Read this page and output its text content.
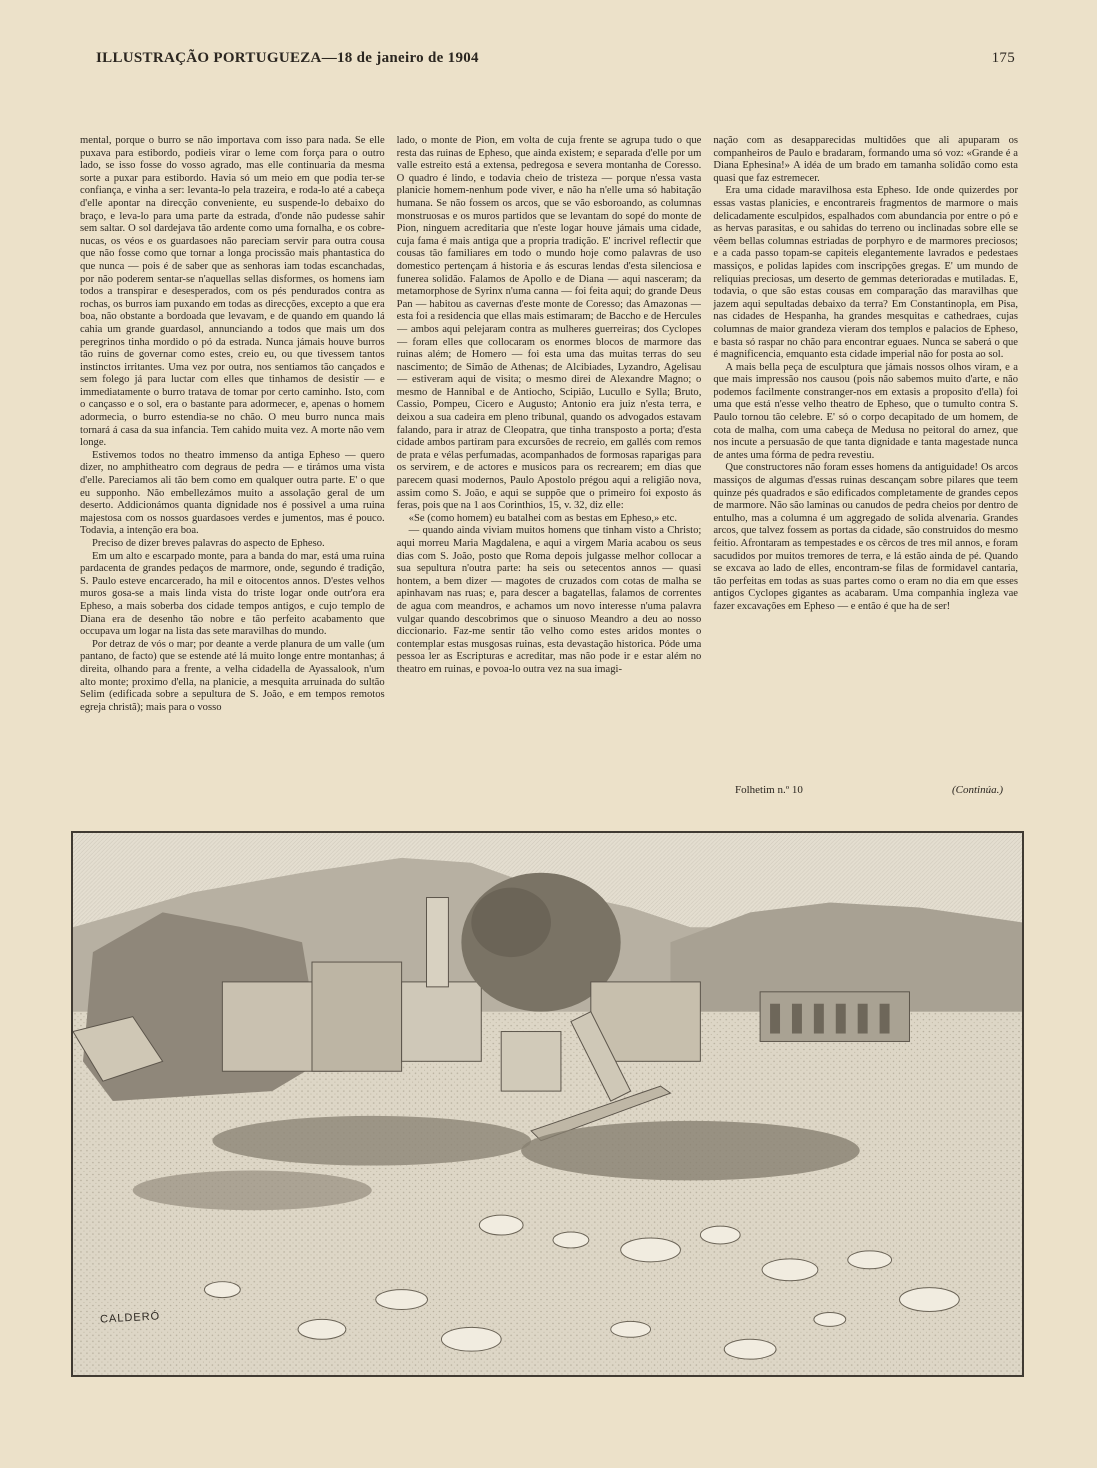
ILLUSTRAÇÃO PORTUGUEZA—18 de janeiro de 1904	175

mental, porque o burro se não importava com isso para nada. Se elle puxava para estibordo, podieis virar o leme com força para o outro lado, se isso fosse do vosso agrado, mas elle continuaria da mesma sorte a puxar para estibordo. Havia só um meio em que podia ter-se confiança, e vinha a ser: levanta-lo pela trazeira, e roda-lo até a cabeça d'elle apontar na direcção conveniente, eu suspende-lo debaixo do braço, e leva-lo para uma parte da estrada, d'onde não pudesse sahir sem saltar. O sol dardejava tão ardente como uma fornalha, e os cobre-nucas, os véos e os guardasoes não pareciam servir para outra cousa que não fosse como que tornar a longa procissão mais phantastica do que nunca — pois é de saber que as senhoras iam todas escanchadas, por não poderem sentar-se n'aquellas sellas disformes, os homens iam todos a transpirar e desesperados, com os pés pendurados contra as rochas, os burros iam puxando em todas as direcções, excepto a que era boa, não obstante a bordoada que levavam, e de quando em quando lá cahia um grande guardasol, annunciando a todos que mais um dos peregrinos tinha mordido o pó da estrada. Nunca jámais houve burros tão ruins de governar como estes, creio eu, ou que tivessem tantos instinctos irritantes. Uma vez por outra, nos sentiamos tão cançados e sem folego já para luctar com elles que tinhamos de desistir — e immediatamente o burro tratava de tomar por certo caminho. Isto, com o cançasso e o sol, era o bastante para adormecer, e, apenas o homem adormecia, o burro estendia-se no chão. O meu burro nunca mais tornará á casa da sua infancia. Tem cahido muita vez. A morte não vem longe.

Estivemos todos no theatro immenso da antiga Epheso — quero dizer, no amphitheatro com degraus de pedra — e tirámos uma vista d'elle. Pareciamos ali tão bem como em qualquer outra parte. E' o que eu supponho. Não embellezámos muito a assolação geral de um deserto. Addicionámos quanta dignidade nos é possivel a uma ruina majestosa com os nossos guardasoes verdes e jumentos, mas é pouco. Todavia, a intenção era boa.

Preciso de dizer breves palavras do aspecto de Epheso.

Em um alto e escarpado monte, para a banda do mar, está uma ruina pardacenta de grandes pedaços de marmore, onde, segundo é tradição, S. Paulo esteve encarcerado, ha mil e oitocentos annos. D'estes velhos muros gosa-se a mais linda vista do triste logar onde outr'ora era Epheso, a mais soberba dos cidade tempos antigos, e cujo templo de Diana era de desenho tão nobre e tão perfeito acabamento que occupava um logar na lista das sete maravilhas do mundo.

Por detraz de vós o mar; por deante a verde planura de um valle (um pantano, de facto) que se estende até lá muito longe entre montanhas; á direita, olhando para a frente, a velha cidadella de Ayassalook, n'um alto monte; proximo d'ella, na planicie, a mesquita arruinada do sultão Selim (edificada sobre a sepultura de S. João, e em tempos remotos egreja christã); mais para o vosso

lado, o monte de Pion, em volta de cuja frente se agrupa tudo o que resta das ruinas de Epheso, que ainda existem; e separada d'elle por um valle estreito está a extensa, pedregosa e severa montanha de Coresso. O quadro é lindo, e todavia cheio de tristeza — porque n'essa vasta planicie homem-nenhum pode viver, e não ha n'elle uma só habitação humana. Se não fossem os arcos, que se vão esboroando, as columnas monstruosas e os muros partidos que se levantam do sopé do monte de Pion, ninguem acreditaria que n'este logar houve jámais uma cidade, cuja fama é mais antiga que a propria tradição. E' incrivel reflectir que cousas tão familiares em todo o mundo hoje como palavras de uso domestico pertençam á historia e ás escuras lendas d'esta silenciosa e funerea solidão. Falamos de Apollo e de Diana — aqui nasceram; da metamorphose de Syrinx n'uma canna — foi feita aqui; do grande Deus Pan — habitou as cavernas d'este monte de Coresso; das Amazonas — esta foi a residencia que ellas mais estimaram; de Baccho e de Hercules — ambos aqui pelejaram contra as mulheres guerreiras; dos Cyclopes — foram elles que collocaram os enormes blocos de marmore das ruinas além; de Homero — foi esta uma das muitas terras do seu nascimento; de Simão de Athenas; de Alcibiades, Lyzandro, Agelisau — estiveram aqui de visita; o mesmo direi de Alexandre Magno; o mesmo de Hannibal e de Antiocho, Scipião, Lucullo e Sylla; Bruto, Cassio, Pompeu, Cicero e Augusto; Antonio era juiz n'esta terra, e deixou a sua cadeira em pleno tribunal, quando os advogados estavam falando, para ir atraz de Cleopatra, que tinha transposto a porta; d'esta cidade ambos partiram para excursões de recreio, em gallés com remos de prata e vélas perfumadas, acompanhados de formosas raparigas para os servirem, e de actores e musicos para os recrearem; em dias que parecem quasi modernos, Paulo Apostolo prégou aqui a religião nova, assim como S. João, e aqui se suppõe que o primeiro foi exposto ás feras, pois que na 1 aos Corinthios, 15, v. 32, diz elle:

«Se (como homem) eu batalhei com as bestas em Epheso,» etc.

— quando ainda viviam muitos homens que tinham visto a Christo; aqui morreu Maria Magdalena, e aqui a virgem Maria acabou os seus dias com S. João, posto que Roma depois julgasse melhor collocar a sua sepultura n'outra parte: ha seis ou setecentos annos — quasi hontem, a bem dizer — magotes de cruzados com cotas de malha se apinhavam nas ruas; e, para descer a bagatellas, falamos de correntes de agua com meandros, e achamos um novo interesse n'uma palavra vulgar quando descobrimos que o sinuoso Meandro a deu ao nosso diccionario. Faz-me sentir tão velho como estes aridos montes o contemplar estas musgosas ruinas, esta devastação historica. Póde uma pessoa ler as Escripturas e acreditar, mas não pode ir e estar além no theatro em ruinas, e povoa-lo outra vez na sua imagi-

nação com as desapparecidas multidões que ali apuparam os companheiros de Paulo e bradaram, formando uma só voz: «Grande é a Diana Ephesina!» A idéa de um brado em tamanha solidão como esta quasi que faz estremecer.

Era uma cidade maravilhosa esta Epheso. Ide onde quizerdes por essas vastas planicies, e encontrareis fragmentos de marmore o mais delicadamente esculpidos, espalhados com abundancia por entre o pó e as hervas parasitas, e ou sahidas do terreno ou inclinadas sobre elle se vêem bellas columnas estriadas de porphyro e de marmores preciosos; e a cada passo topam-se capiteis elegantemente lavrados e pedestaes massiços, e polidas lapides com inscripções gregas. E' um mundo de reliquias preciosas, um deserto de gemmas deterioradas e mutiladas. E, todavia, o que são estas cousas em comparação das maravilhas que jazem aqui sepultadas debaixo da terra? Em Constantinopla, em Pisa, nas cidades de Hespanha, ha grandes mesquitas e cathedraes, cujas columnas de maior grandeza vieram dos templos e palacios de Epheso, e basta só raspar no chão para encontrar eguaes. Nunca se saberá o que é magnificencia, emquanto esta cidade imperial não for posta ao sol.

A mais bella peça de esculptura que jámais nossos olhos viram, e a que mais impressão nos causou (pois não sabemos muito d'arte, e não podemos facilmente constranger-nos em extasis a proposito d'ella) foi uma que está n'esse velho theatro de Epheso, que o tumulto contra S. Paulo tornou tão celebre. E' só o corpo decapitado de um homem, de cota de malha, com uma cabeça de Medusa no peitoral do arnez, que nos incute a persuasão de que tanta dignidade e tanta magestade nunca de antes uma fórma de pedra revestiu.

Que constructores não foram esses homens da antiguidade! Os arcos massiços de algumas d'essas ruinas descançam sobre pilares que teem quinze pés quadrados e são edificados completamente de grandes cepos de marmore. Não são laminas ou canudos de pedra cheios por dentro de entulho, mas a columna é um aggregado de solida alvenaria. Grandes arcos, que talvez fossem as portas da cidade, são construidos do mesmo feitio. Afrontaram as tempestades e os cêrcos de tres mil annos, e foram sacudidos por muitos tremores de terra, e lá estão ainda de pé. Quando se excava ao lado de elles, encontram-se filas de formidavel cantaria, tão perfeitas em todas as suas partes como o eram no dia em que esses antigos Cyclopes gigantes as acabaram. Uma companhia ingleza vae fazer excavações em Epheso — e então é que ha de ser!

Folhetim n.º 10	(Continúa.)
CALDERÓ
